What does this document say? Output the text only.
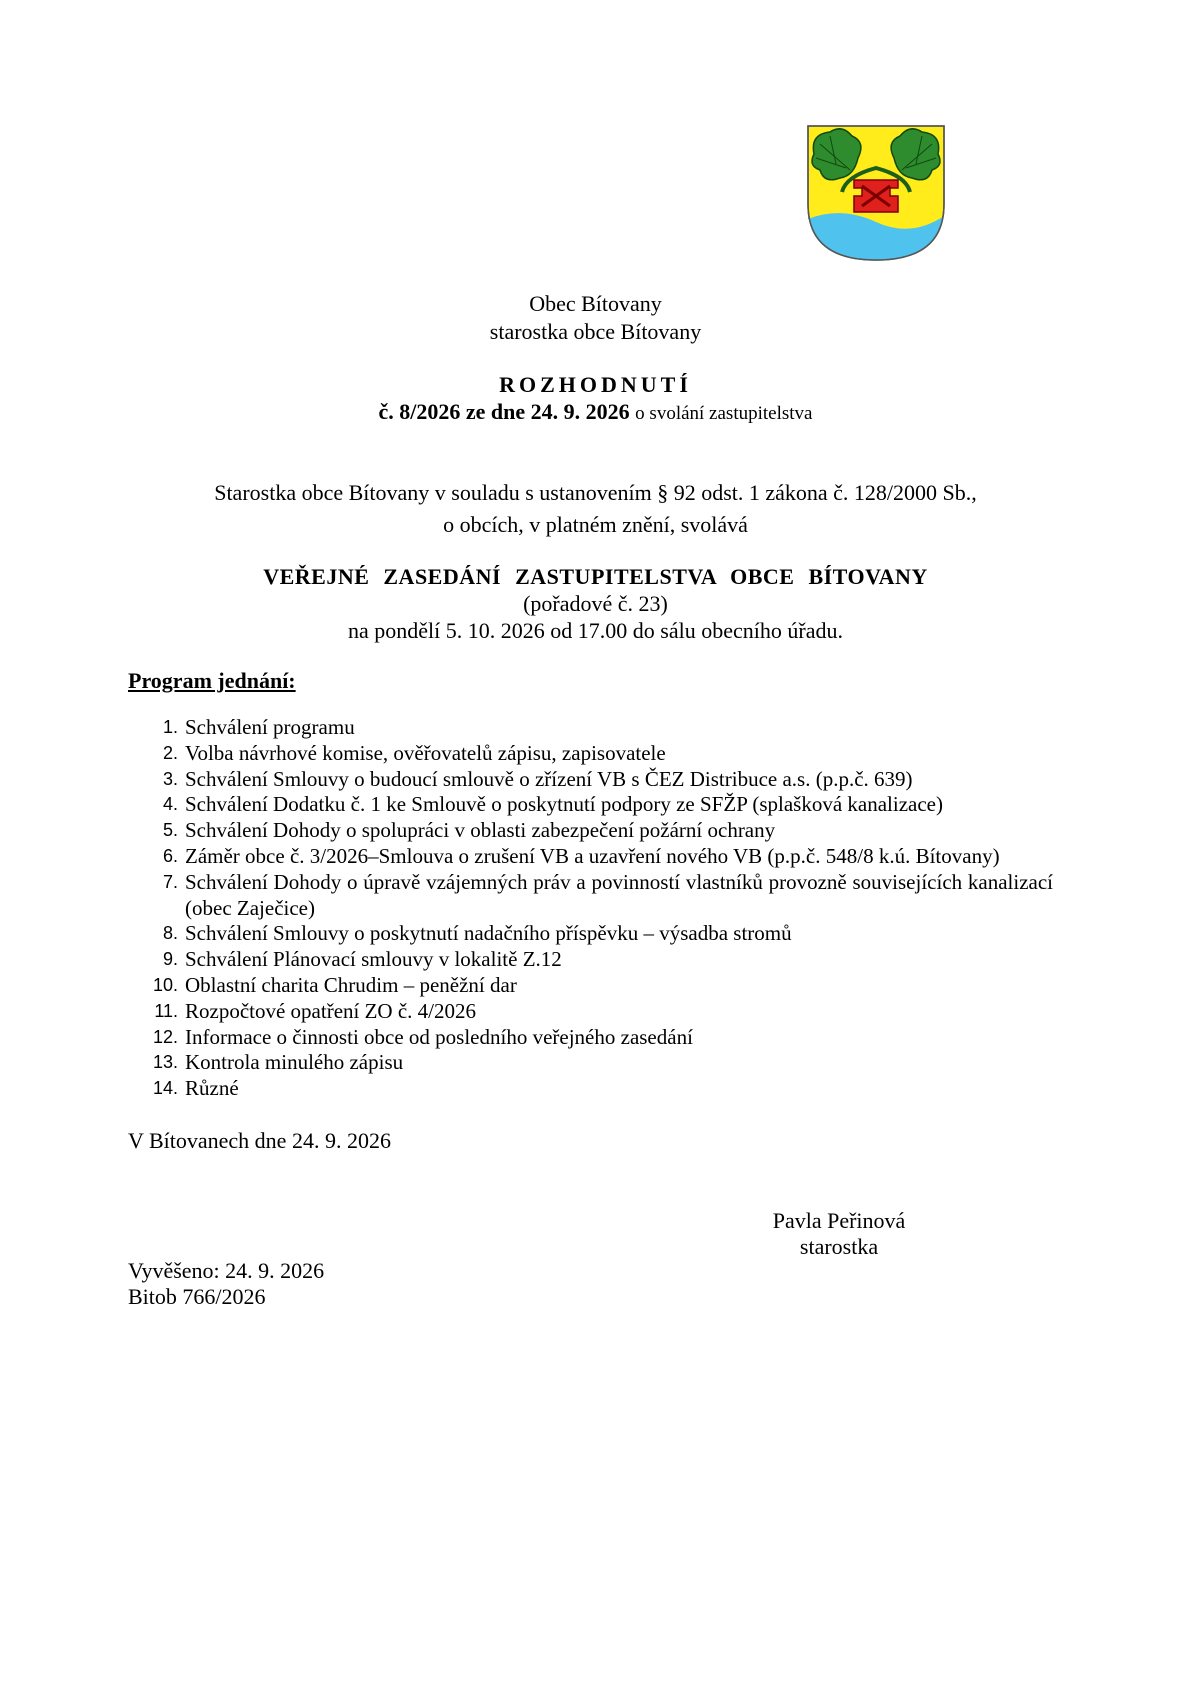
Obec Bítovany
starostka obce Bítovany
ROZHODNUTÍ
č. 8/2026 ze dne 24. 9. 2026 o svolání zastupitelstva
Starostka obce Bítovany v souladu s ustanovením § 92 odst. 1 zákona č. 128/2000 Sb.,
o obcích, v platném znění, svolává
VEŘEJNÉ ZASEDÁNÍ ZASTUPITELSTVA OBCE BÍTOVANY
(pořadové č. 23)
na pondělí 5. 10. 2026 od 17.00 do sálu obecního úřadu.
Program jednání:
1. Schválení programu
2. Volba návrhové komise, ověřovatelů zápisu, zapisovatele
3. Schválení Smlouvy o budoucí smlouvě o zřízení VB s ČEZ Distribuce a.s. (p.p.č. 639)
4. Schválení Dodatku č. 1 ke Smlouvě o poskytnutí podpory ze SFŽP (splašková kanalizace)
5. Schválení Dohody o spolupráci v oblasti zabezpečení požární ochrany
6. Záměr obce č. 3/2026–Smlouva o zrušení VB a uzavření nového VB (p.p.č. 548/8 k.ú. Bítovany)
7. Schválení Dohody o úpravě vzájemných práv a povinností vlastníků provozně souvisejících kanalizací (obec Zaječice)
8. Schválení Smlouvy o poskytnutí nadačního příspěvku – výsadba stromů
9. Schválení Plánovací smlouvy v lokalitě Z.12
10. Oblastní charita Chrudim – peněžní dar
11. Rozpočtové opatření ZO č. 4/2026
12. Informace o činnosti obce od posledního veřejného zasedání
13. Kontrola minulého zápisu
14. Různé
V Bítovanech dne 24. 9. 2026
Pavla Peřinová
starostka
Vyvěšeno: 24. 9. 2026
Bitob 766/2026
